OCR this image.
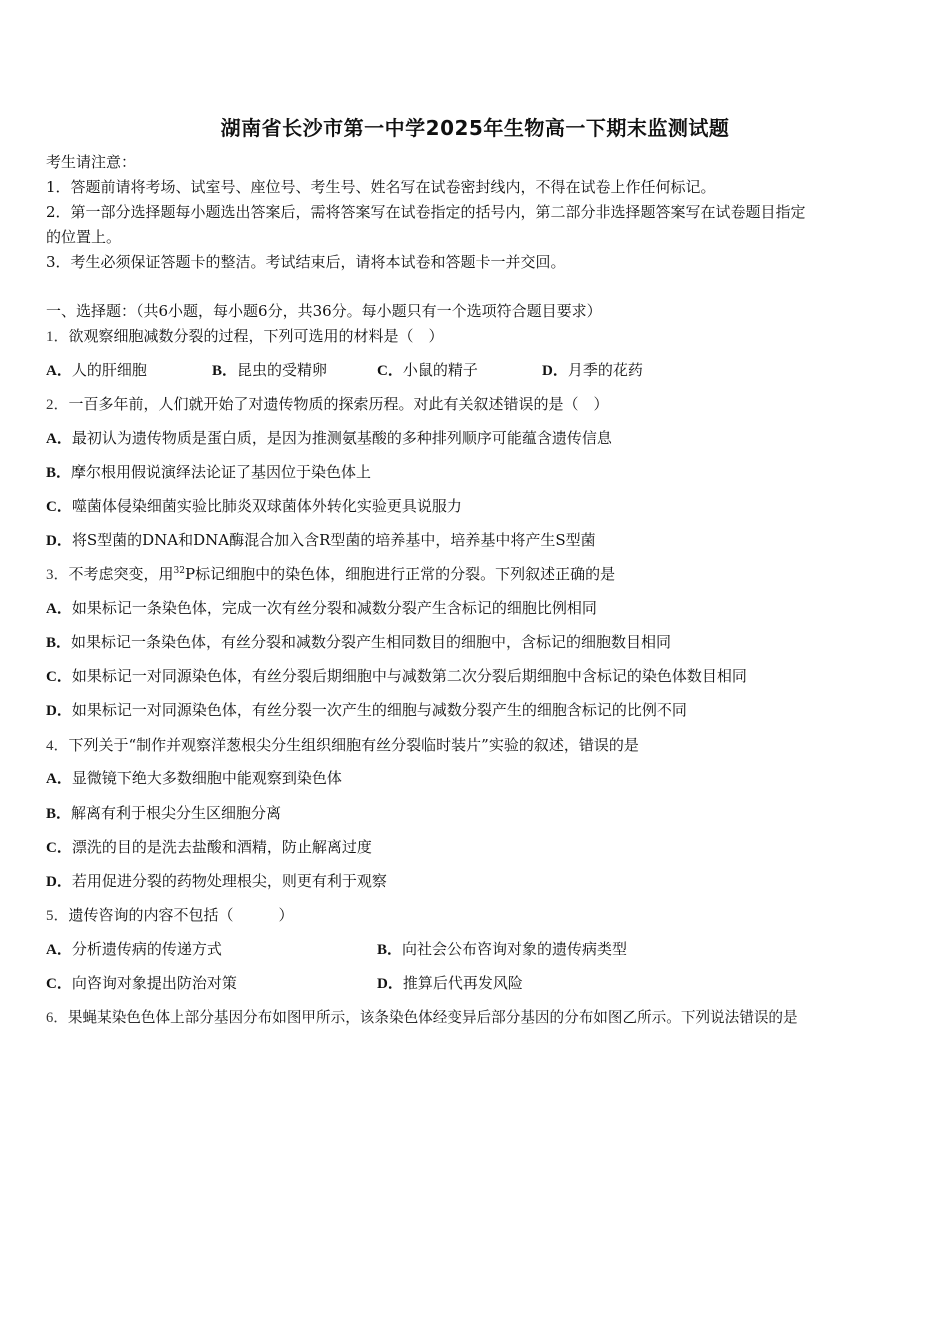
湖南省长沙市第一中学2025年生物高一下期末监测试题
考生请注意：
1．答题前请将考场、试室号、座位号、考生号、姓名写在试卷密封线内，不得在试卷上作任何标记。
2．第一部分选择题每小题选出答案后，需将答案写在试卷指定的括号内，第二部分非选择题答案写在试卷题目指定
的位置上。
3．考生必须保证答题卡的整洁。考试结束后，请将本试卷和答题卡一并交回。
一、选择题：（共6小题，每小题6分，共36分。每小题只有一个选项符合题目要求）
1．欲观察细胞减数分裂的过程，下列可选用的材料是（　）
A．人的肝细胞	B．昆虫的受精卵	C．小鼠的精子	D．月季的花药
2．一百多年前，人们就开始了对遗传物质的探索历程。对此有关叙述错误的是（　）
A．最初认为遗传物质是蛋白质，是因为推测氨基酸的多种排列顺序可能蕴含遗传信息
B．摩尔根用假说演绎法论证了基因位于染色体上
C．噬菌体侵染细菌实验比肺炎双球菌体外转化实验更具说服力
D．将S型菌的DNA和DNA酶混合加入含R型菌的培养基中，培养基中将产生S型菌
3．不考虑突变，用$^{32}$P标记细胞中的染色体，细胞进行正常的分裂。下列叙述正确的是
A．如果标记一条染色体，完成一次有丝分裂和减数分裂产生含标记的细胞比例相同
B．如果标记一条染色体，有丝分裂和减数分裂产生相同数目的细胞中，含标记的细胞数目相同
C．如果标记一对同源染色体，有丝分裂后期细胞中与减数第二次分裂后期细胞中含标记的染色体数目相同
D．如果标记一对同源染色体，有丝分裂一次产生的细胞与减数分裂产生的细胞含标记的比例不同
4．下列关于“制作并观察洋葱根尖分生组织细胞有丝分裂临时装片”实验的叙述，错误的是
A．显微镜下绝大多数细胞中能观察到染色体
B．解离有利于根尖分生区细胞分离
C．漂洗的目的是洗去盐酸和酒精，防止解离过度
D．若用促进分裂的药物处理根尖，则更有利于观察
5．遗传咨询的内容不包括（　　　）
A．分析遗传病的传递方式	B．向社会公布咨询对象的遗传病类型
C．向咨询对象提出防治对策	D．推算后代再发风险
6．果蝇某染色色体上部分基因分布如图甲所示，该条染色体经变异后部分基因的分布如图乙所示。下列说法错误的是
